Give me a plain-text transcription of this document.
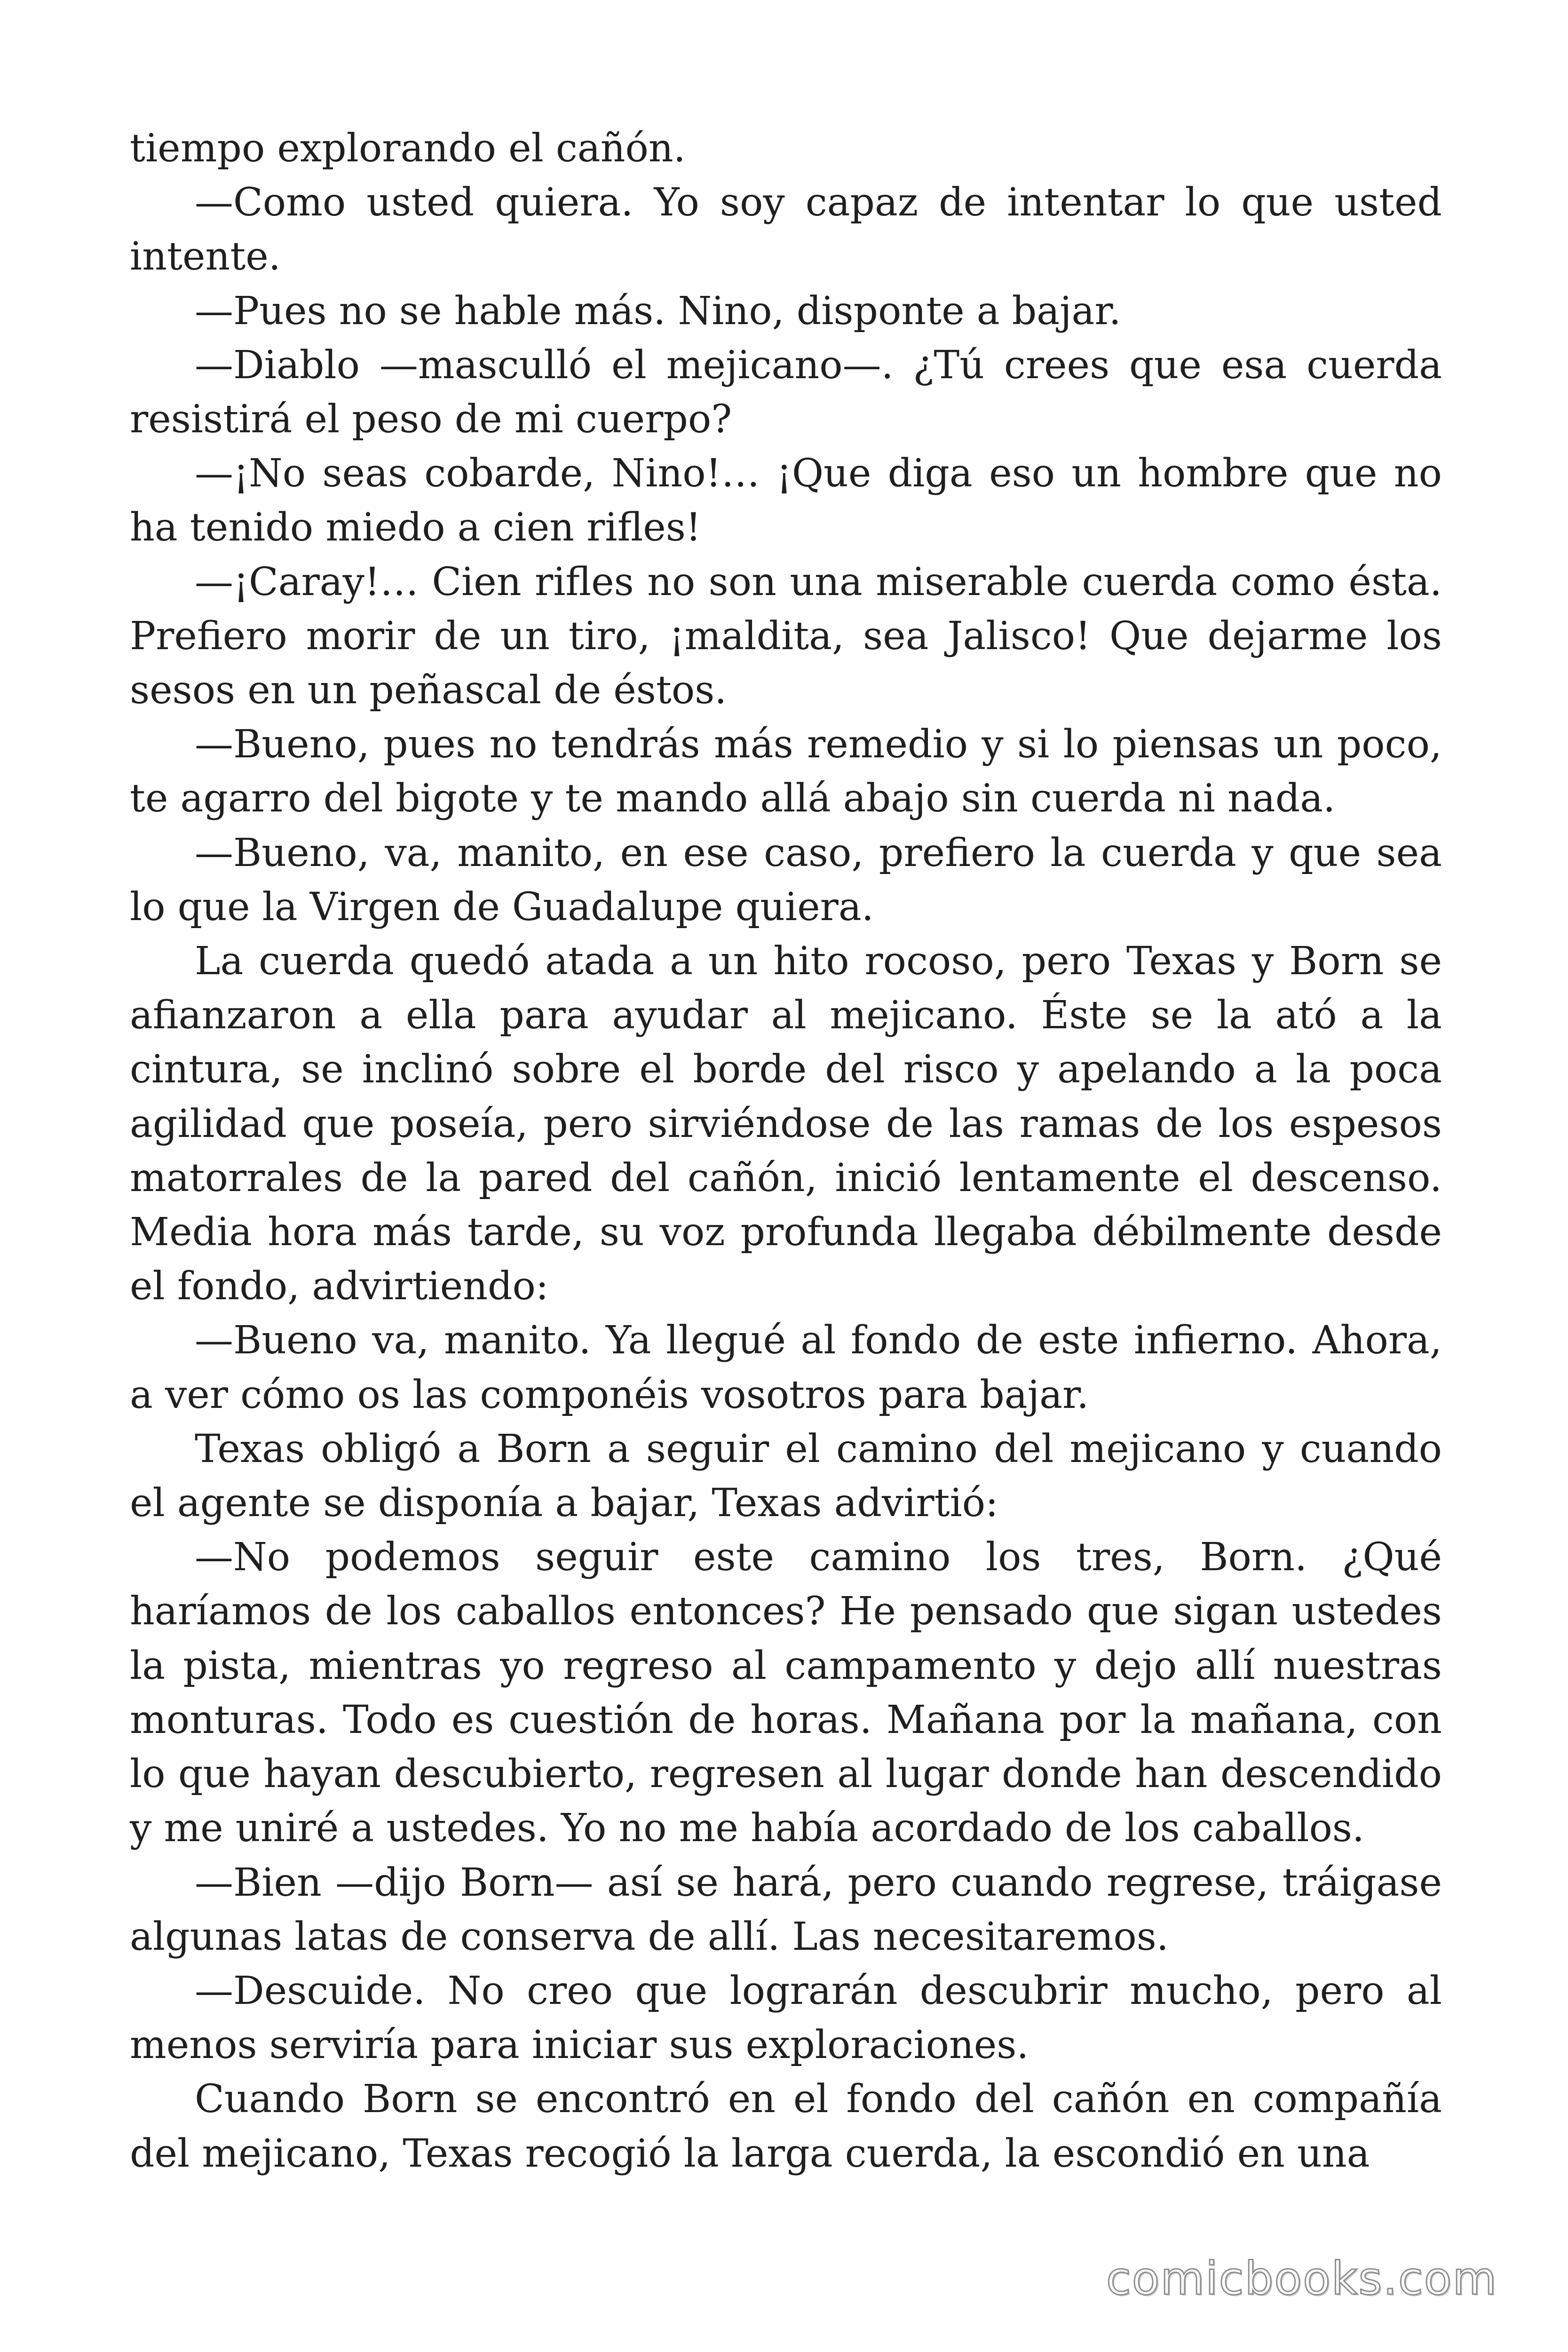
tiempo explorando el cañón.

—Como usted quiera. Yo soy capaz de intentar lo que usted intente.

—Pues no se hable más. Nino, disponte a bajar.

—Diablo —masculló el mejicano—. ¿Tú crees que esa cuerda resistirá el peso de mi cuerpo?

—¡No seas cobarde, Nino!… ¡Que diga eso un hombre que no ha tenido miedo a cien rifles!

—¡Caray!… Cien rifles no son una miserable cuerda como ésta. Prefiero morir de un tiro, ¡maldita, sea Jalisco! Que dejarme los sesos en un peñascal de éstos.

—Bueno, pues no tendrás más remedio y si lo piensas un poco, te agarro del bigote y te mando allá abajo sin cuerda ni nada.

—Bueno, va, manito, en ese caso, prefiero la cuerda y que sea lo que la Virgen de Guadalupe quiera.

La cuerda quedó atada a un hito rocoso, pero Texas y Born se afianzaron a ella para ayudar al mejicano. Éste se la ató a la cintura, se inclinó sobre el borde del risco y apelando a la poca agilidad que poseía, pero sirviéndose de las ramas de los espesos matorrales de la pared del cañón, inició lentamente el descenso. Media hora más tarde, su voz profunda llegaba débilmente desde el fondo, advirtiendo:

—Bueno va, manito. Ya llegué al fondo de este infierno. Ahora, a ver cómo os las componéis vosotros para bajar.

Texas obligó a Born a seguir el camino del mejicano y cuando el agente se disponía a bajar, Texas advirtió:

—No podemos seguir este camino los tres, Born. ¿Qué haríamos de los caballos entonces? He pensado que sigan ustedes la pista, mientras yo regreso al campamento y dejo allí nuestras monturas. Todo es cuestión de horas. Mañana por la mañana, con lo que hayan descubierto, regresen al lugar donde han descendido y me uniré a ustedes. Yo no me había acordado de los caballos.

—Bien —dijo Born— así se hará, pero cuando regrese, tráigase algunas latas de conserva de allí. Las necesitaremos.

—Descuide. No creo que lograrán descubrir mucho, pero al menos serviría para iniciar sus exploraciones.

Cuando Born se encontró en el fondo del cañón en compañía del mejicano, Texas recogió la larga cuerda, la escondió en una

comicbooks.com
